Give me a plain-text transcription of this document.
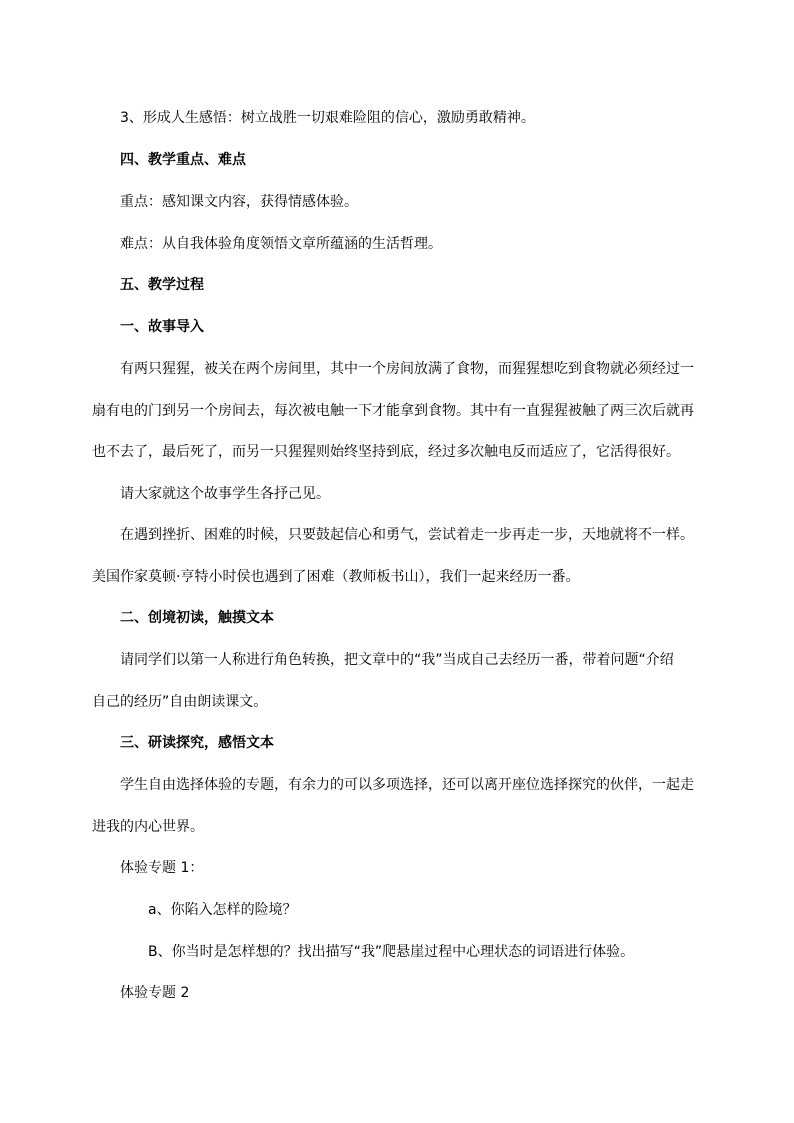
3、形成人生感悟：树立战胜一切艰难险阻的信心，激励勇敢精神。
四、教学重点、难点
重点：感知课文内容，获得情感体验。
难点：从自我体验角度领悟文章所蕴涵的生活哲理。
五、教学过程
一、故事导入
有两只猩猩，被关在两个房间里，其中一个房间放满了食物，而猩猩想吃到食物就必须经过一
扇有电的门到另一个房间去，每次被电触一下才能拿到食物。其中有一直猩猩被触了两三次后就再
也不去了，最后死了，而另一只猩猩则始终坚持到底，经过多次触电反而适应了，它活得很好。
请大家就这个故事学生各抒己见。
在遇到挫折、困难的时候，只要鼓起信心和勇气，尝试着走一步再走一步，天地就将不一样。
美国作家莫顿·亨特小时侯也遇到了困难（教师板书山），我们一起来经历一番。
二、创境初读，触摸文本
请同学们以第一人称进行角色转换，把文章中的“我”当成自己去经历一番，带着问题“介绍
自己的经历”自由朗读课文。
三、研读探究，感悟文本
学生自由选择体验的专题，有余力的可以多项选择，还可以离开座位选择探究的伙伴，一起走
进我的内心世界。
体验专题 1：
a、你陷入怎样的险境？
B、你当时是怎样想的？找出描写“我”爬悬崖过程中心理状态的词语进行体验。
体验专题 2
